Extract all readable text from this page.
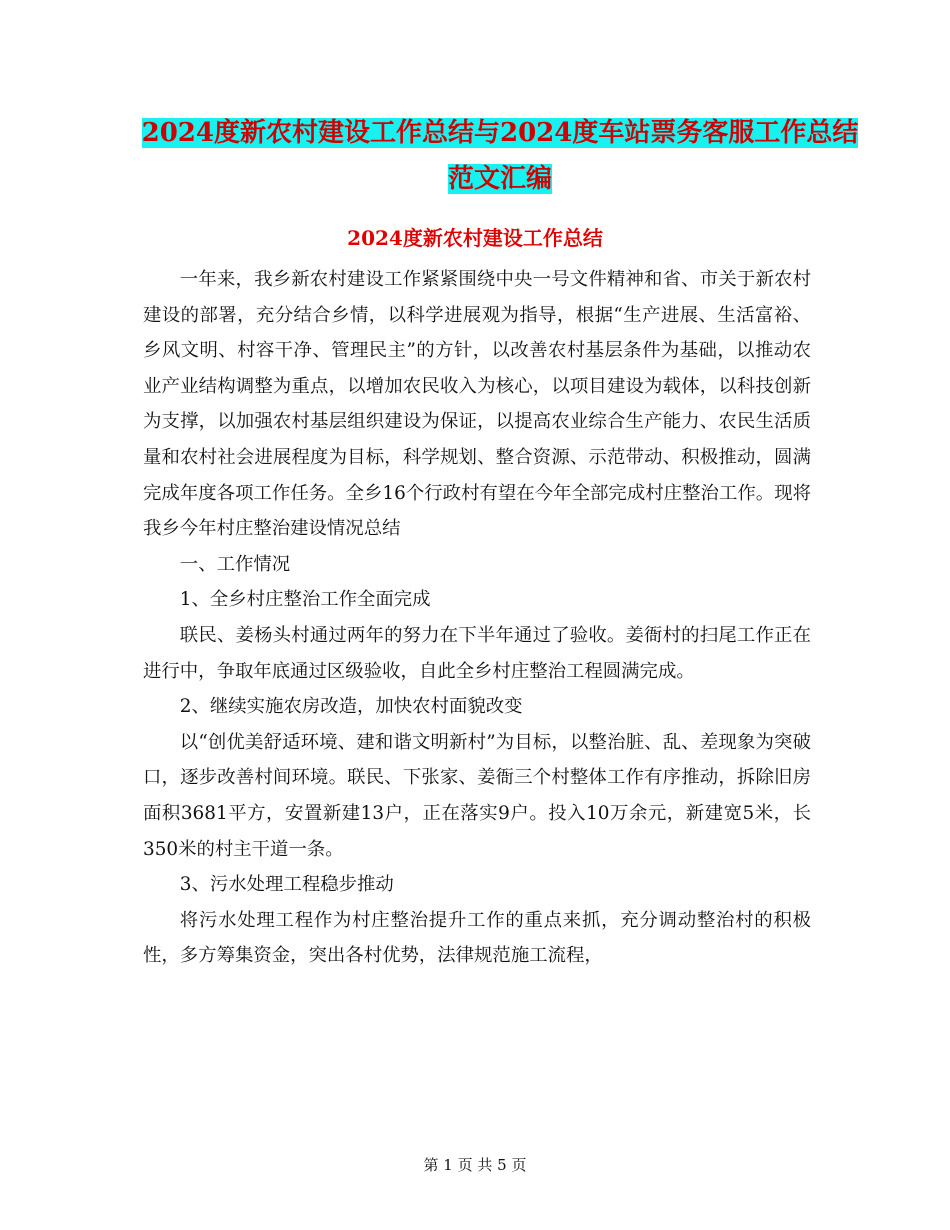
2024度新农村建设工作总结与2024度车站票务客服工作总结范文汇编
2024度新农村建设工作总结

一年来，我乡新农村建设工作紧紧围绕中央一号文件精神和省、市关于新农村建设的部署，充分结合乡情，以科学进展观为指导，根据“生产进展、生活富裕、乡风文明、村容干净、管理民主”的方针，以改善农村基层条件为基础，以推动农业产业结构调整为重点，以增加农民收入为核心，以项目建设为载体，以科技创新为支撑，以加强农村基层组织建设为保证，以提高农业综合生产能力、农民生活质量和农村社会进展程度为目标，科学规划、整合资源、示范带动、积极推动，圆满完成年度各项工作任务。全乡16个行政村有望在今年全部完成村庄整治工作。现将我乡今年村庄整治建设情况总结

一、工作情况

1、全乡村庄整治工作全面完成

联民、姜杨头村通过两年的努力在下半年通过了验收。姜衙村的扫尾工作正在进行中，争取年底通过区级验收，自此全乡村庄整治工程圆满完成。

2、继续实施农房改造，加快农村面貌改变

以“创优美舒适环境、建和谐文明新村”为目标，以整治脏、乱、差现象为突破口，逐步改善村间环境。联民、下张家、姜衙三个村整体工作有序推动，拆除旧房面积3681平方，安置新建13户，正在落实9户。投入10万余元，新建宽5米，长350米的村主干道一条。

3、污水处理工程稳步推动

将污水处理工程作为村庄整治提升工作的重点来抓，充分调动整治村的积极性，多方筹集资金，突出各村优势，法律规范施工流程，

第 1 页 共 5 页
